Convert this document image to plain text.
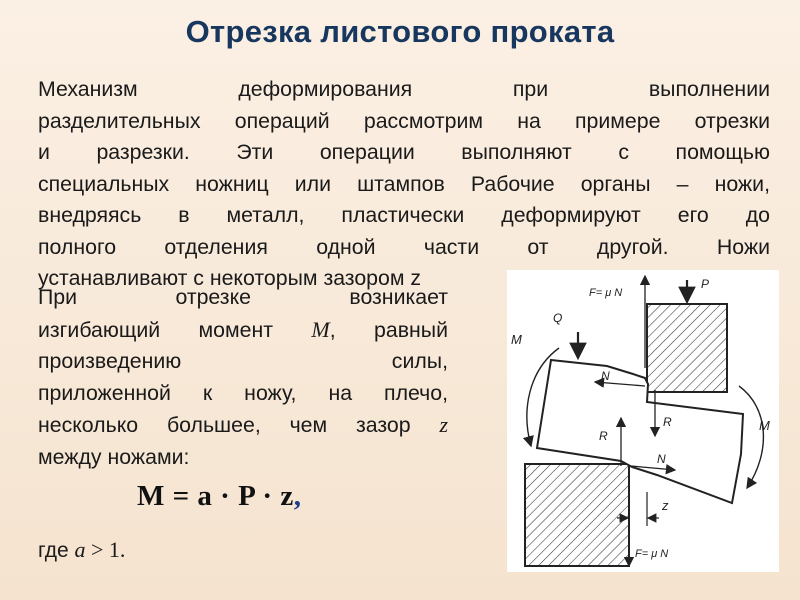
Отрезка листового проката
Механизм деформирования при выполнении
разделительных операций рассмотрим на примере отрезки
и разрезки. Эти операции выполняют с помощью
специальных ножниц или штампов Рабочие органы – ножи,
внедряясь в металл, пластически деформируют его до
полного отделения одной части от другой. Ножи
устанавливают с некоторым зазором z
При отрезке возникает
изгибающий момент M, равный
произведению силы,
приложенной к ножу, на плечо,
несколько большее, чем зазор z
между ножами:
M = a · P · z,
где a > 1.
z
F= μ N
P
Q
M
M
N
R
R
N
F= μ N
